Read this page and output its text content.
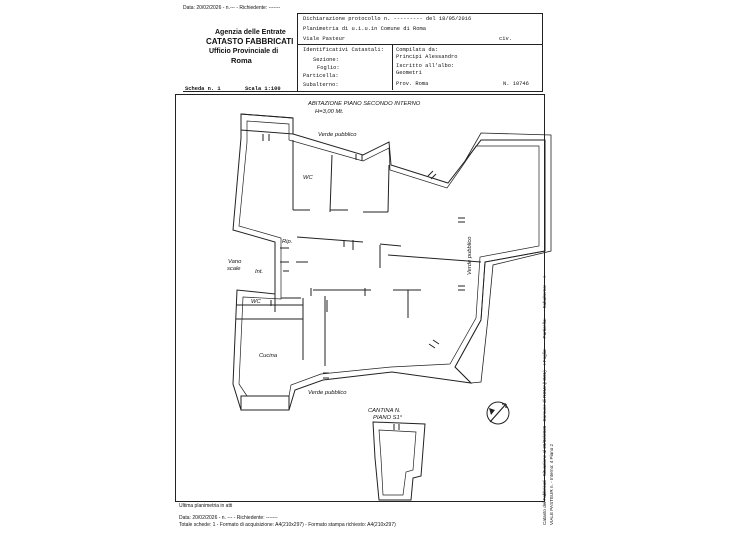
Data: 20/02/2026 - n.--- - Richiedente: -------
Agenzia delle Entrate
CATASTO FABBRICATI
Ufficio Provinciale di
Roma
Dichiarazione protocollo n. --------- del 18/05/2016
Planimetria di u.i.u.in Comune di Roma
Viale Pasteur	civ.
Identificativi Catastali:
Sezione:
Foglio:
Particella:
Subalterno:
Compilata da:
Principi Alessandro
Iscritto all'albo:
Geometri
Prov. Roma	N. 10746
Scheda n. 1	Scala 1:100
ABITAZIONE PIANO SECONDO INTERNO
H=3,00 Mt.
Verde pubblico
WC
Rip.
Vano
scale Int.
WC
Cucina
Verde pubblico
Verde pubblico
CANTINA N.
PIANO S1°
Ultima planimetria in atti
Data: 20/02/2026 - n. --- - Richiedente: -------
Totale schede: 1 - Formato di acquisizione: A4(210x297) - Formato stampa richiesto: A4(210x297)	Catasto dei Fabbricati - Situazione al 20/02/2026 - Comune di ROMA(H501) - < Foglio: --- - Particella: --- - Subalterno: --- > VIALE PASTEUR n. - Interno: 4 Piano 2
